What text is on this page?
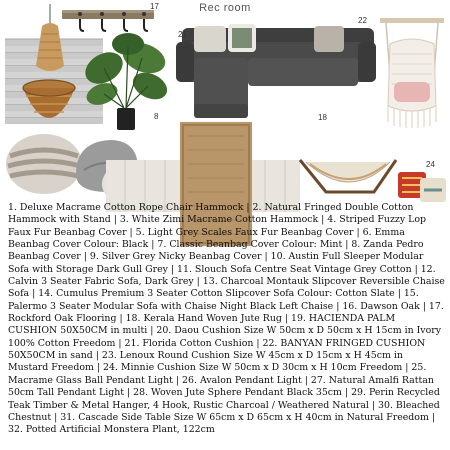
Rec room
17
8
21
22
18
24
1. Deluxe Macrame Cotton Rope Chair Hammock | 2. Natural Fringed Double Cotton Hammock with Stand | 3. White Zimi Macrame Cotton Hammock | 4. Striped Fuzzy Lop Faux Fur Beanbag Cover | 5. Light Grey Scales Faux Fur Beanbag Cover | 6. Emma Beanbag Cover Colour: Black | 7. Classic Beanbag Cover Colour: Mint | 8. Zanda Pedro Beanbag Cover | 9. Silver Grey Nicky Beanbag Cover | 10. Austin Full Sleeper Modular Sofa with Storage Dark Gull Grey | 11. Slouch Sofa Centre Seat Vintage Grey Cotton | 12. Calvin 3 Seater Fabric Sofa, Dark Grey | 13. Charcoal Montauk Slipcover Reversible Chaise Sofa | 14. Cumulus Premium 3 Seater Cotton Slipcover Sofa Colour: Cotton Slate | 15. Palermo 3 Seater Modular Sofa with Chaise Night Black Left Chaise | 16. Dawson Oak | 17. Rockford Oak Flooring | 18. Kerala Hand Woven Jute Rug | 19. HACIENDA PALM CUSHION 50X50CM in multi | 20. Daou Cushion Size W 50cm x D 50cm x H 15cm in Ivory 100% Cotton Freedom | 21. Florida Cotton Cushion | 22. BANYAN FRINGED CUSHION 50X50CM in sand | 23. Lenoux Round Cushion Size W 45cm x D 15cm x H 45cm in Mustard Freedom | 24. Minnie Cushion Size W 50cm x D 30cm x H 10cm Freedom | 25. Macrame Glass Ball Pendant Light | 26. Avalon Pendant Light | 27. Natural Amalfi Rattan 50cm Tall Pendant Light | 28. Woven Jute Sphere Pendant Black 35cm | 29. Perin Recycled Teak Timber & Metal Hanger, 4 Hook, Rustic Charcoal / Weathered Natural | 30. Bleached Chestnut | 31. Cascade Side Table Size W 65cm x D 65cm x H 40cm in Natural Freedom | 32. Potted Artificial Monstera Plant, 122cm
